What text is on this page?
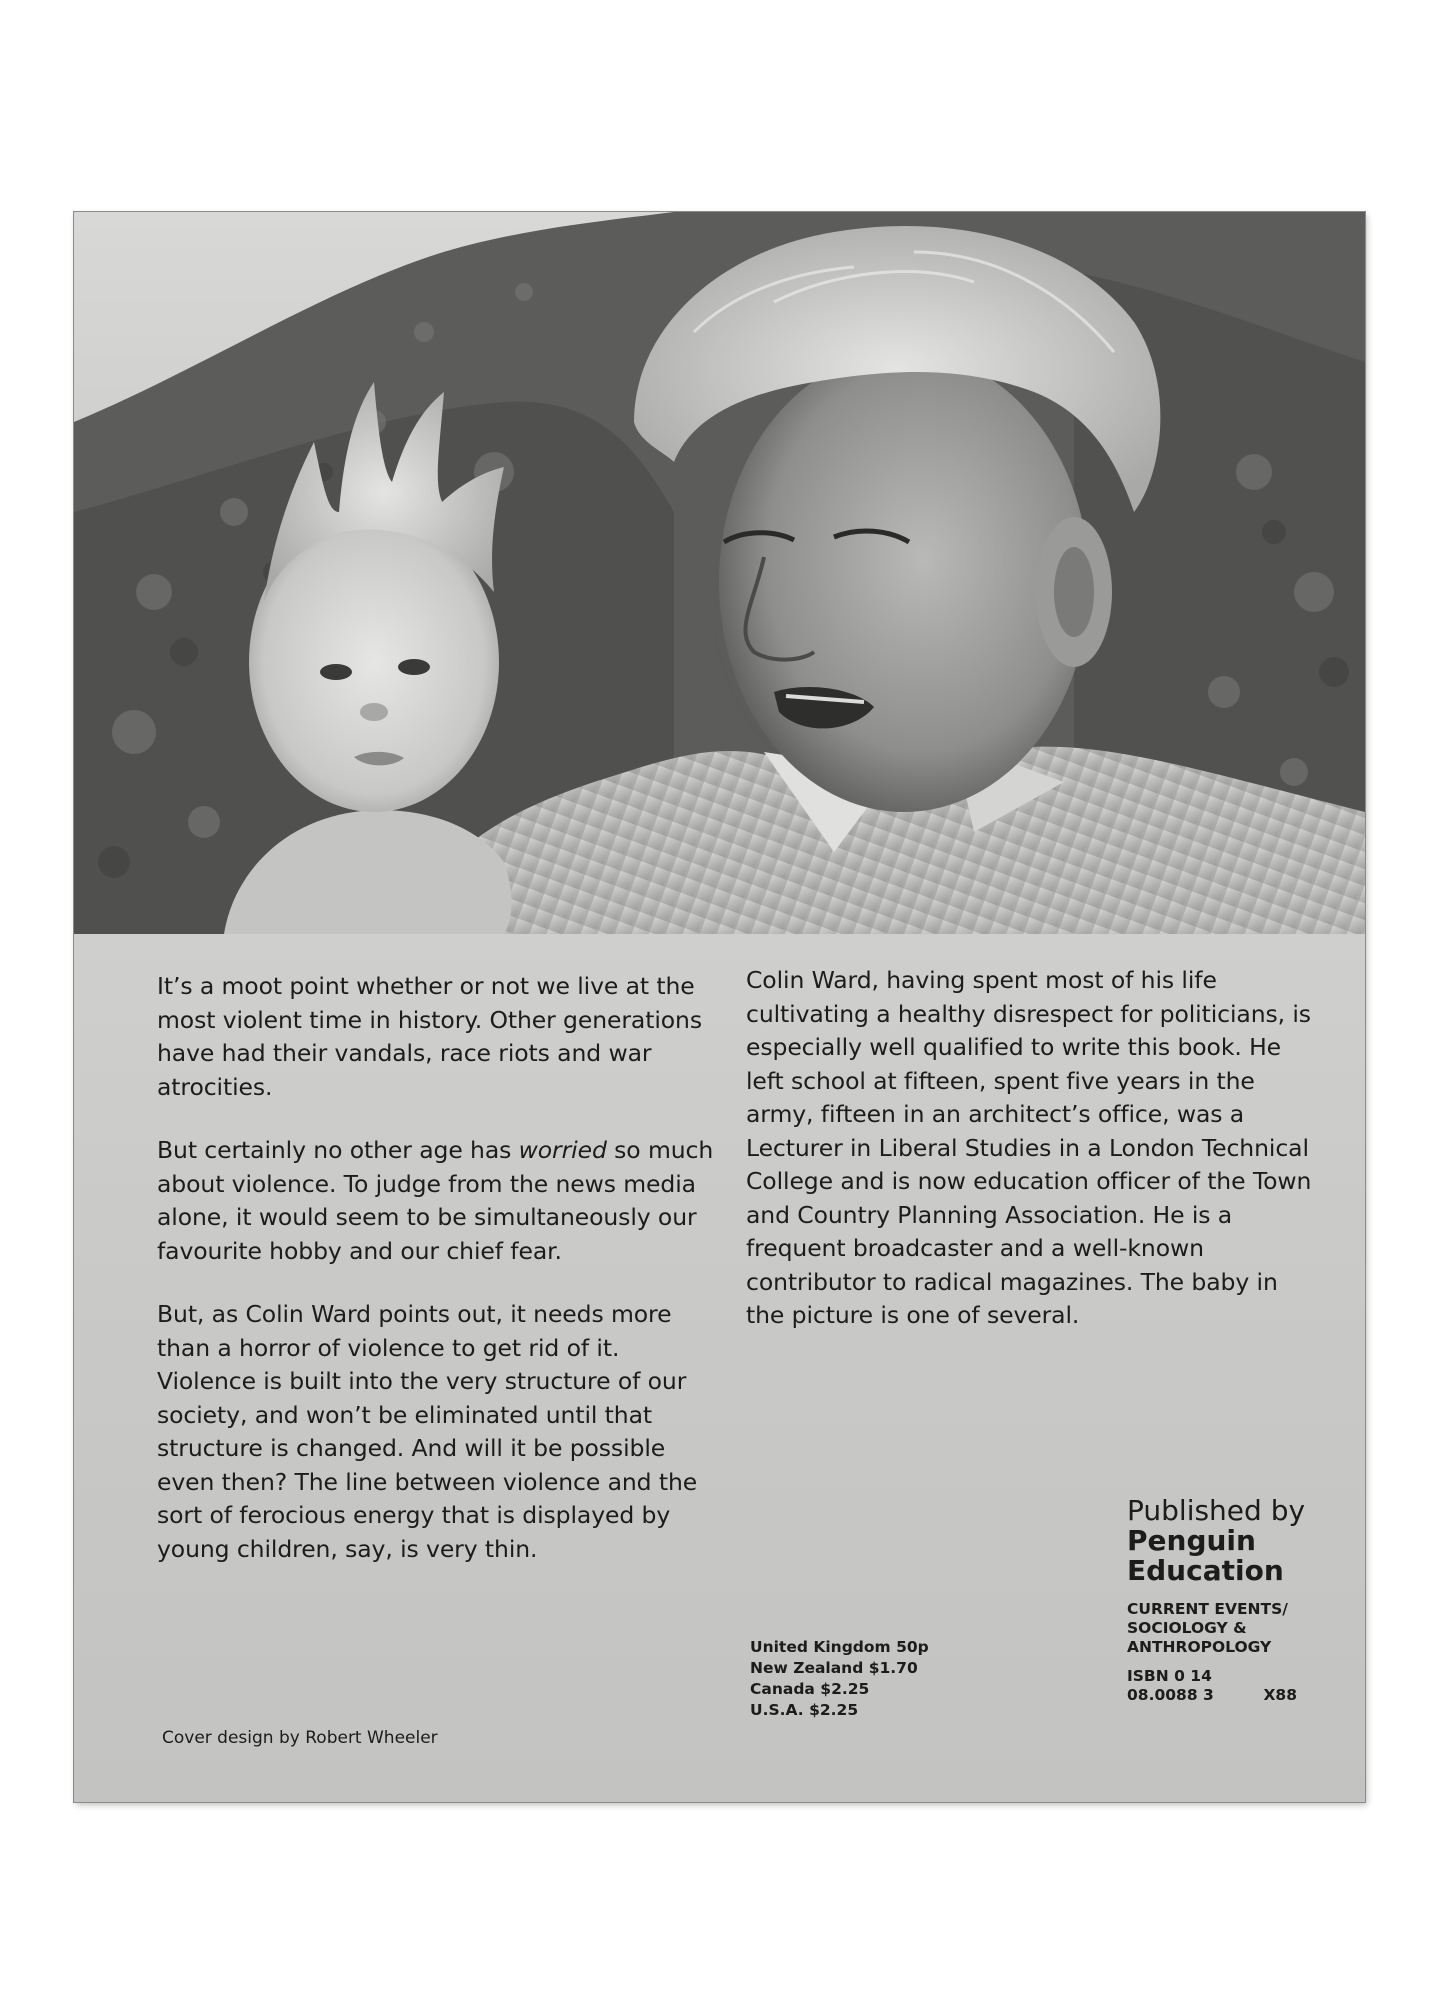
It’s a moot point whether or not we live at the most violent time in history. Other generations have had their vandals, race riots and war atrocities.

But certainly no other age has worried so much about violence. To judge from the news media alone, it would seem to be simultaneously our favourite hobby and our chief fear.

But, as Colin Ward points out, it needs more than a horror of violence to get rid of it. Violence is built into the very structure of our society, and won’t be eliminated until that structure is changed. And will it be possible even then? The line between violence and the sort of ferocious energy that is displayed by young children, say, is very thin.

Colin Ward, having spent most of his life cultivating a healthy disrespect for politicians, is especially well qualified to write this book. He left school at fifteen, spent five years in the army, fifteen in an architect’s office, was a Lecturer in Liberal Studies in a London Technical College and is now education officer of the Town and Country Planning Association. He is a frequent broadcaster and a well-known contributor to radical magazines. The baby in the picture is one of several.

Cover design by Robert Wheeler
United Kingdom 50p
New Zealand $1.70
Canada $2.25
U.S.A. $2.25
Published by
Penguin
Education
CURRENT EVENTS/
SOCIOLOGY &
ANTHROPOLOGY
ISBN 0 14
08.0088 3	X88
